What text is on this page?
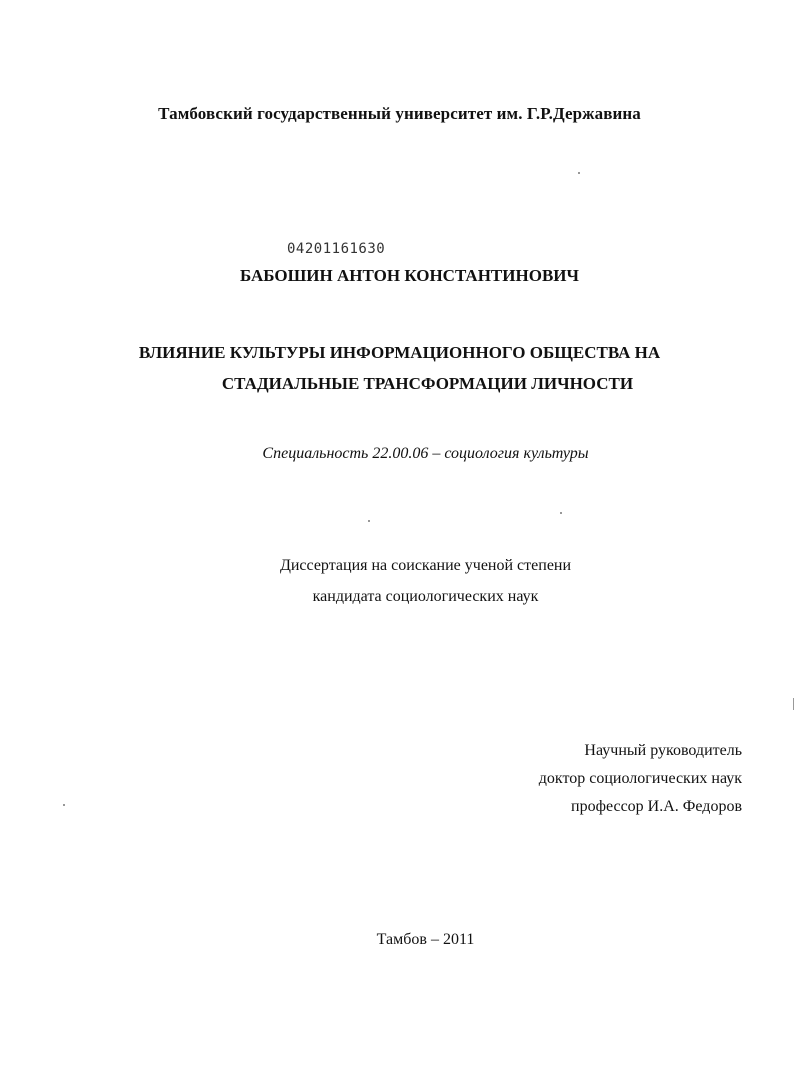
Тамбовский государственный университет им. Г.Р.Державина
04201161630
БАБОШИН АНТОН КОНСТАНТИНОВИЧ
ВЛИЯНИЕ КУЛЬТУРЫ ИНФОРМАЦИОННОГО ОБЩЕСТВА НА
СТАДИАЛЬНЫЕ ТРАНСФОРМАЦИИ ЛИЧНОСТИ
Специальность 22.00.06 – социология культуры
Диссертация на соискание ученой степени
кандидата социологических наук
Научный руководитель
доктор социологических наук
профессор И.А. Федоров
Тамбов – 2011
